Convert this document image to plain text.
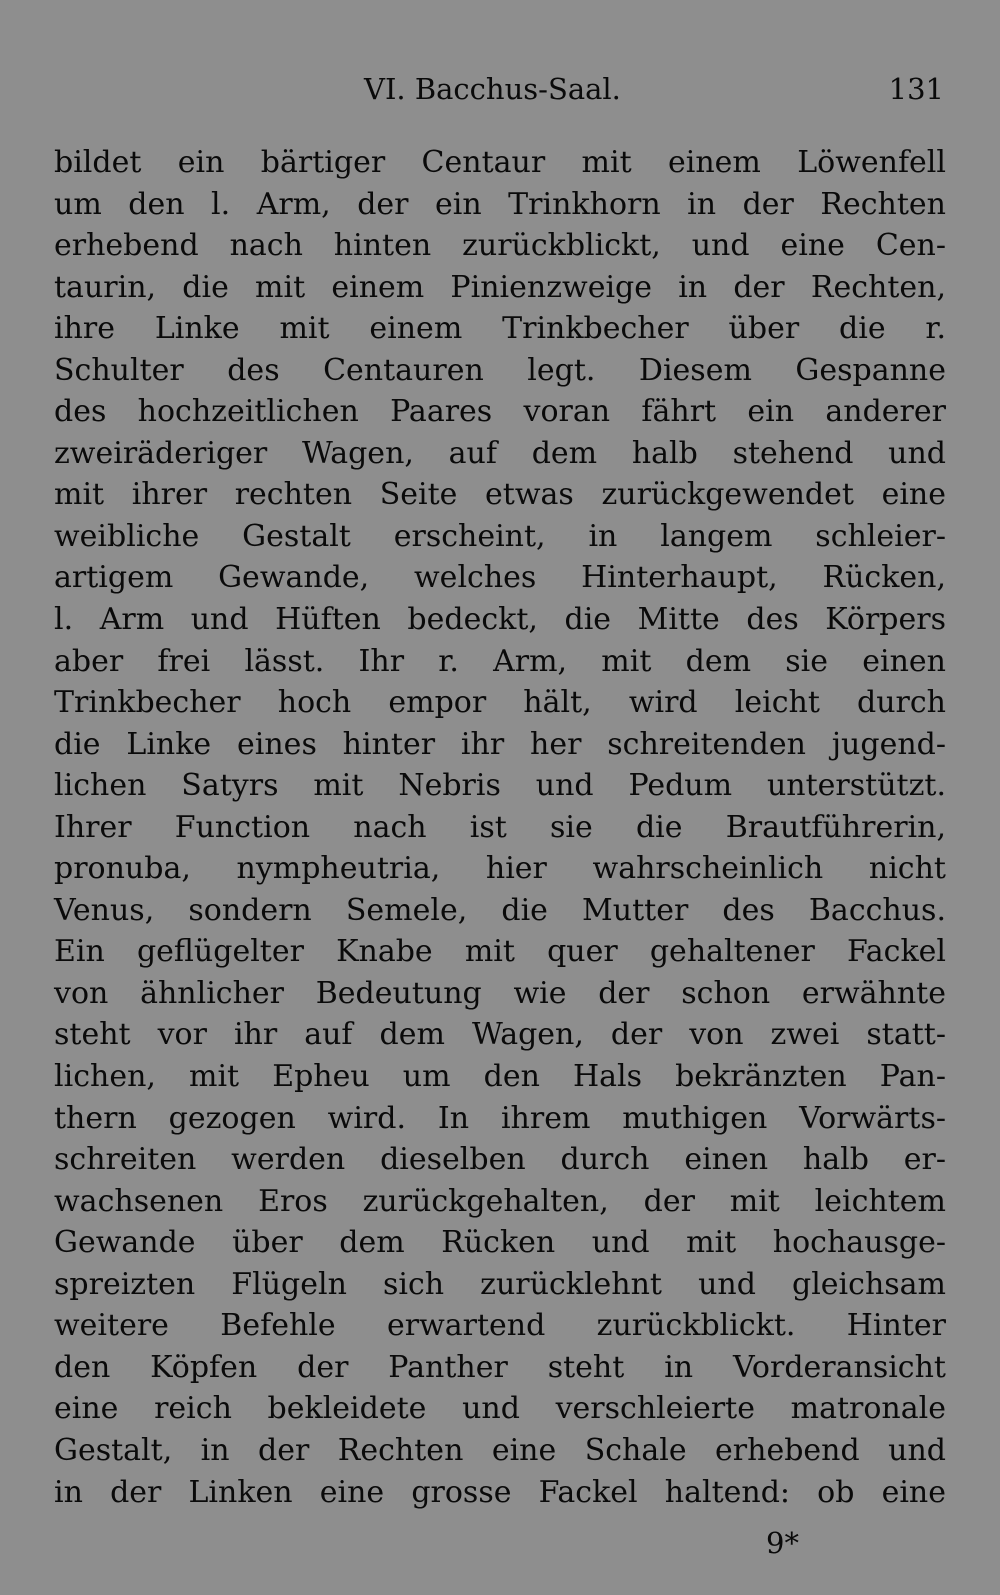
VI. Bacchus-Saal.	131
bildet ein bärtiger Centaur mit einem Löwenfell
um den l. Arm, der ein Trinkhorn in der Rechten
erhebend nach hinten zurückblickt, und eine Cen-
taurin, die mit einem Pinienzweige in der Rechten,
ihre Linke mit einem Trinkbecher über die r.
Schulter des Centauren legt. Diesem Gespanne
des hochzeitlichen Paares voran fährt ein anderer
zweiräderiger Wagen, auf dem halb stehend und
mit ihrer rechten Seite etwas zurückgewendet eine
weibliche Gestalt erscheint, in langem schleier-
artigem Gewande, welches Hinterhaupt, Rücken,
l. Arm und Hüften bedeckt, die Mitte des Körpers
aber frei lässt. Ihr r. Arm, mit dem sie einen
Trinkbecher hoch empor hält, wird leicht durch
die Linke eines hinter ihr her schreitenden jugend-
lichen Satyrs mit Nebris und Pedum unterstützt.
Ihrer Function nach ist sie die Brautführerin,
pronuba, nympheutria, hier wahrscheinlich nicht
Venus, sondern Semele, die Mutter des Bacchus.
Ein geflügelter Knabe mit quer gehaltener Fackel
von ähnlicher Bedeutung wie der schon erwähnte
steht vor ihr auf dem Wagen, der von zwei statt-
lichen, mit Epheu um den Hals bekränzten Pan-
thern gezogen wird. In ihrem muthigen Vorwärts-
schreiten werden dieselben durch einen halb er-
wachsenen Eros zurückgehalten, der mit leichtem
Gewande über dem Rücken und mit hochausge-
spreizten Flügeln sich zurücklehnt und gleichsam
weitere Befehle erwartend zurückblickt. Hinter
den Köpfen der Panther steht in Vorderansicht
eine reich bekleidete und verschleierte matronale
Gestalt, in der Rechten eine Schale erhebend und
in der Linken eine grosse Fackel haltend: ob eine
9*
